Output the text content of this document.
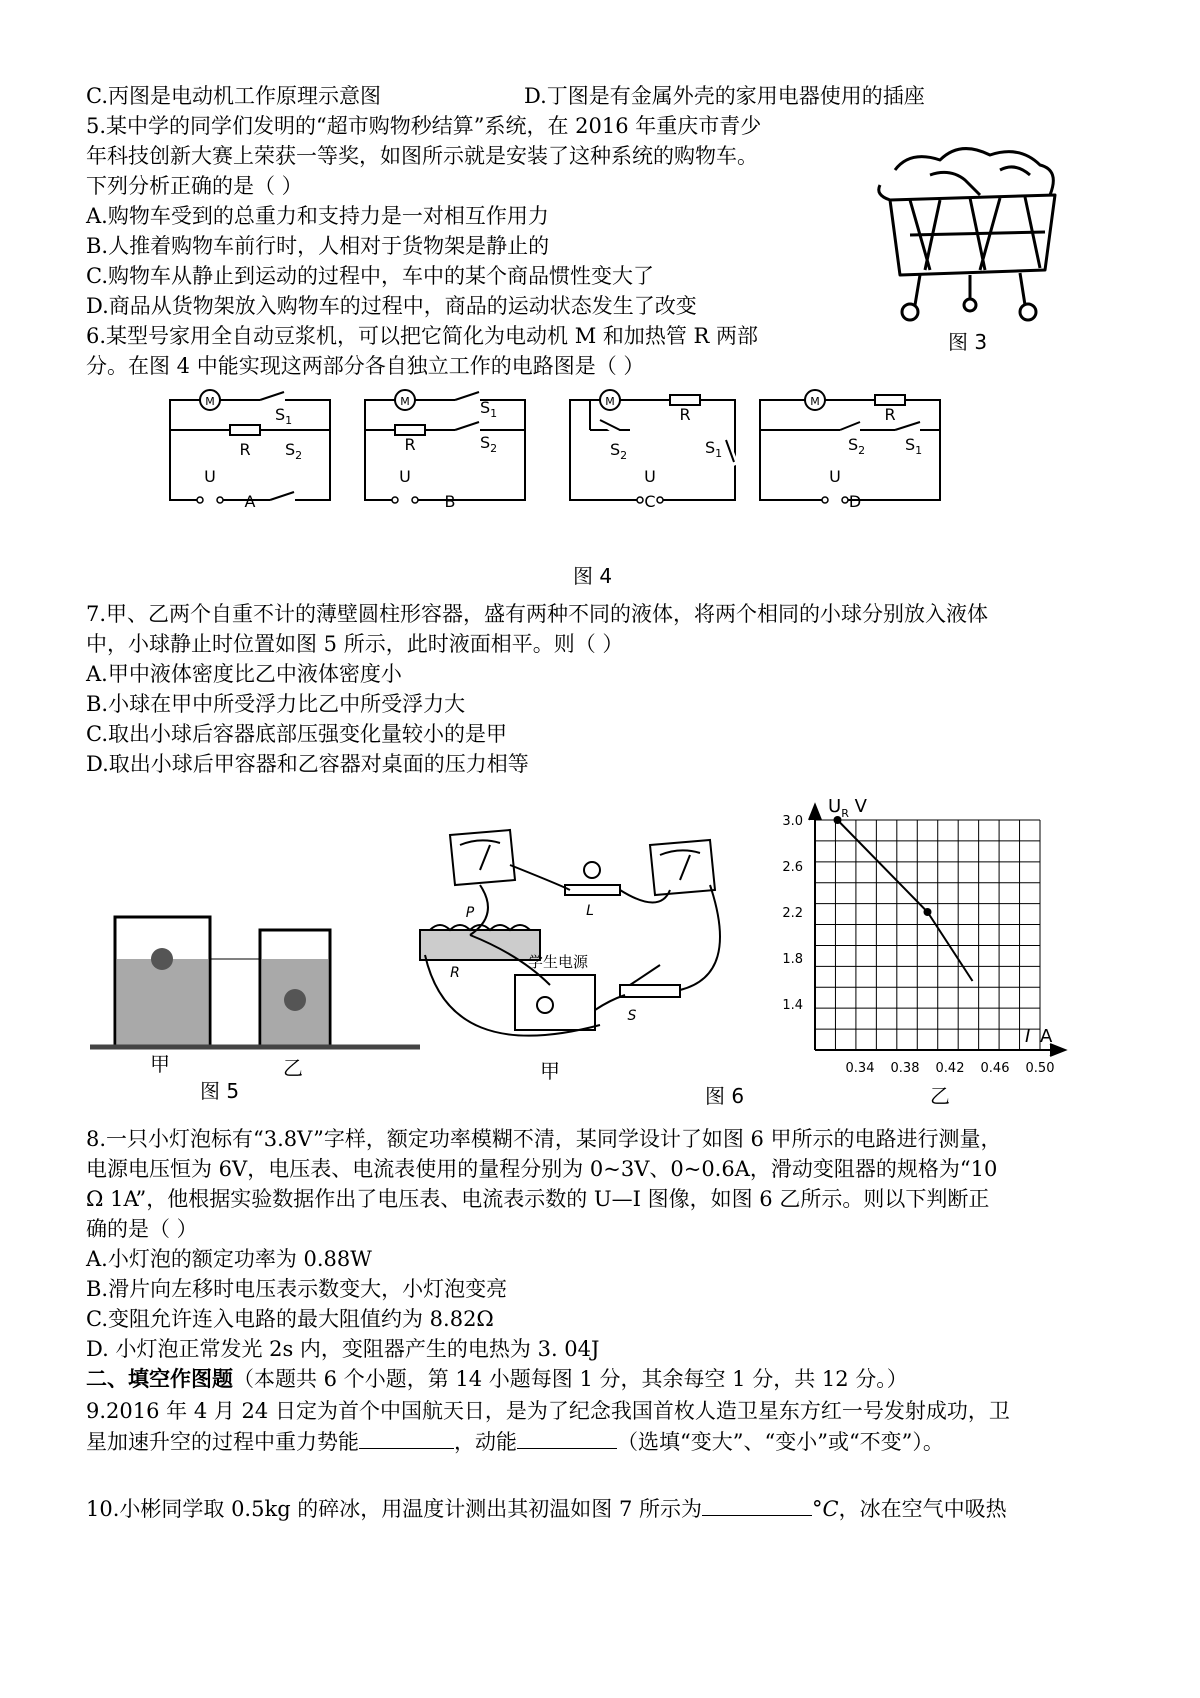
C.丙图是电动机工作原理示意图	D.丁图是有金属外壳的家用电器使用的插座
5.某中学的同学们发明的“超市购物秒结算”系统，在 2016 年重庆市青少
年科技创新大赛上荣获一等奖，如图所示就是安装了这种系统的购物车。
下列分析正确的是（ ）
A.购物车受到的总重力和支持力是一对相互作用力
B.人推着购物车前行时，人相对于货物架是静止的
C.购物车从静止到运动的过程中，车中的某个商品惯性变大了
D.商品从货物架放入购物车的过程中，商品的运动状态发生了改变
6.某型号家用全自动豆浆机，可以把它简化为电动机 M 和加热管 R 两部
分。在图 4 中能实现这两部分各自独立工作的电路图是（ ）
图 3
M	M	M	M
R	R
R	R
U	U	U	U
A	B	C	D
$S_1$
$S_2$
$S_1$
$S_2$	$S_1$
$S_2$
$S_2$ $S_1$
图 4
7.甲、乙两个自重不计的薄壁圆柱形容器，盛有两种不同的液体，将两个相同的小球分别放入液体
中，小球静止时位置如图 5 所示，此时液面相平。则（ ）
A.甲中液体密度比乙中液体密度小
B.小球在甲中所受浮力比乙中所受浮力大
C.取出小球后容器底部压强变化量较小的是甲
D.取出小球后甲容器和乙容器对桌面的压力相等
甲	乙
图 5
学生电源
L
S
P
R
甲
图 6
1.4
1.8
2.2
2.6
3.0
0.34 0.38 0.42 0.46 0.50
$U_R$ V
I A
乙
8.一只小灯泡标有“3.8V”字样，额定功率模糊不清，某同学设计了如图 6 甲所示的电路进行测量，
电源电压恒为 6V，电压表、电流表使用的量程分别为 0~3V、0~0.6A，滑动变阻器的规格为“10
Ω 1A”，他根据实验数据作出了电压表、电流表示数的 U—I 图像，如图 6 乙所示。则以下判断正
确的是（ ）
A.小灯泡的额定功率为 0.88W
B.滑片向左移时电压表示数变大，小灯泡变亮
C.变阻允许连入电路的最大阻值约为 8.82Ω
D. 小灯泡正常发光 2s 内，变阻器产生的电热为 3. 04J
二、填空作图题（本题共 6 个小题，第 14 小题每图 1 分，其余每空 1 分，共 12 分。）
9.2016 年 4 月 24 日定为首个中国航天日，是为了纪念我国首枚人造卫星东方红一号发射成功，卫
星加速升空的过程中重力势能	，动能	（选填“变大”、“变小”或“不变”）。
10.小彬同学取 0.5kg 的碎冰，用温度计测出其初温如图 7 所示为	°C，冰在空气中吸热
